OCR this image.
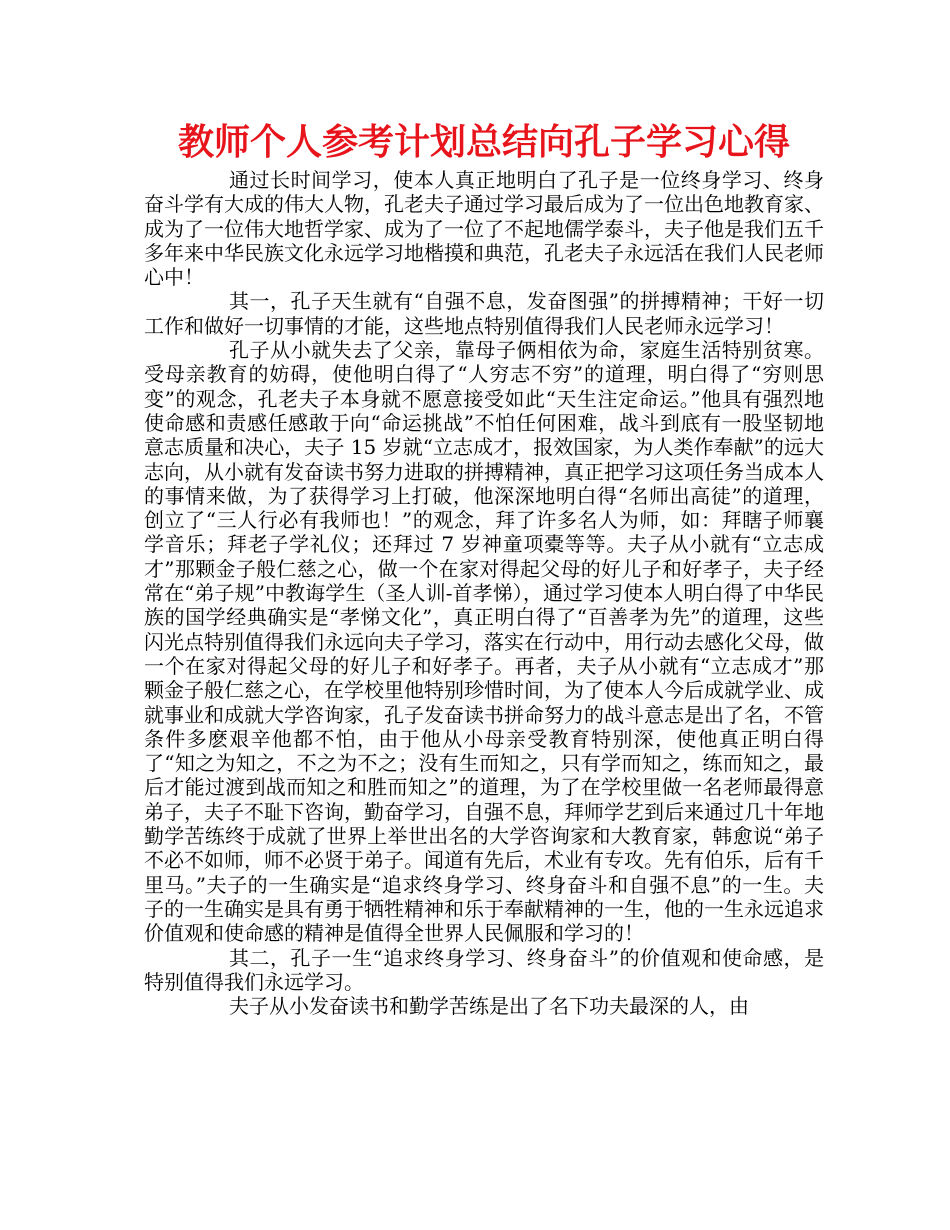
教师个人参考计划总结向孔子学习心得

通过长时间学习，使本人真正地明白了孔子是一位终身学习、终身奋斗学有大成的伟大人物，孔老夫子通过学习最后成为了一位出色地教育家、成为了一位伟大地哲学家、成为了一位了不起地儒学泰斗，夫子他是我们五千多年来中华民族文化永远学习地楷摸和典范，孔老夫子永远活在我们人民老师心中！

其一，孔子天生就有“自强不息，发奋图强”的拼搏精神；干好一切工作和做好一切事情的才能，这些地点特别值得我们人民老师永远学习！

孔子从小就失去了父亲，靠母子俩相依为命，家庭生活特别贫寒。受母亲教育的妨碍，使他明白得了“人穷志不穷”的道理，明白得了“穷则思变”的观念，孔老夫子本身就不愿意接受如此“天生注定命运。”他具有强烈地使命感和责感任感敢于向“命运挑战”不怕任何困难，战斗到底有一股坚韧地意志质量和决心，夫子 15 岁就“立志成才，报效国家，为人类作奉献”的远大志向，从小就有发奋读书努力进取的拼搏精神，真正把学习这项任务当成本人的事情来做，为了获得学习上打破，他深深地明白得“名师出高徒”的道理，创立了“三人行必有我师也！”的观念，拜了许多名人为师，如：拜瞎子师襄学音乐；拜老子学礼仪；还拜过 7 岁神童项橐等等。夫子从小就有“立志成才”那颗金子般仁慈之心，做一个在家对得起父母的好儿子和好孝子，夫子经常在“弟子规”中教诲学生（圣人训-首孝悌），通过学习使本人明白得了中华民族的国学经典确实是“孝悌文化”，真正明白得了“百善孝为先”的道理，这些闪光点特别值得我们永远向夫子学习，落实在行动中，用行动去感化父母，做一个在家对得起父母的好儿子和好孝子。再者，夫子从小就有“立志成才”那颗金子般仁慈之心，在学校里他特别珍惜时间，为了使本人今后成就学业、成就事业和成就大学咨询家，孔子发奋读书拼命努力的战斗意志是出了名，不管条件多麽艰辛他都不怕，由于他从小母亲受教育特别深，使他真正明白得了“知之为知之，不之为不之；没有生而知之，只有学而知之，练而知之，最后才能过渡到战而知之和胜而知之”的道理，为了在学校里做一名老师最得意弟子，夫子不耻下咨询，勤奋学习，自强不息，拜师学艺到后来通过几十年地勤学苦练终于成就了世界上举世出名的大学咨询家和大教育家，韩愈说“弟子不必不如师，师不必贤于弟子。闻道有先后，术业有专攻。先有伯乐，后有千里马。”夫子的一生确实是“追求终身学习、终身奋斗和自强不息”的一生。夫子的一生确实是具有勇于牺牲精神和乐于奉献精神的一生，他的一生永远追求价值观和使命感的精神是值得全世界人民佩服和学习的！

其二，孔子一生“追求终身学习、终身奋斗”的价值观和使命感，是特别值得我们永远学习。

夫子从小发奋读书和勤学苦练是出了名下功夫最深的人，由
